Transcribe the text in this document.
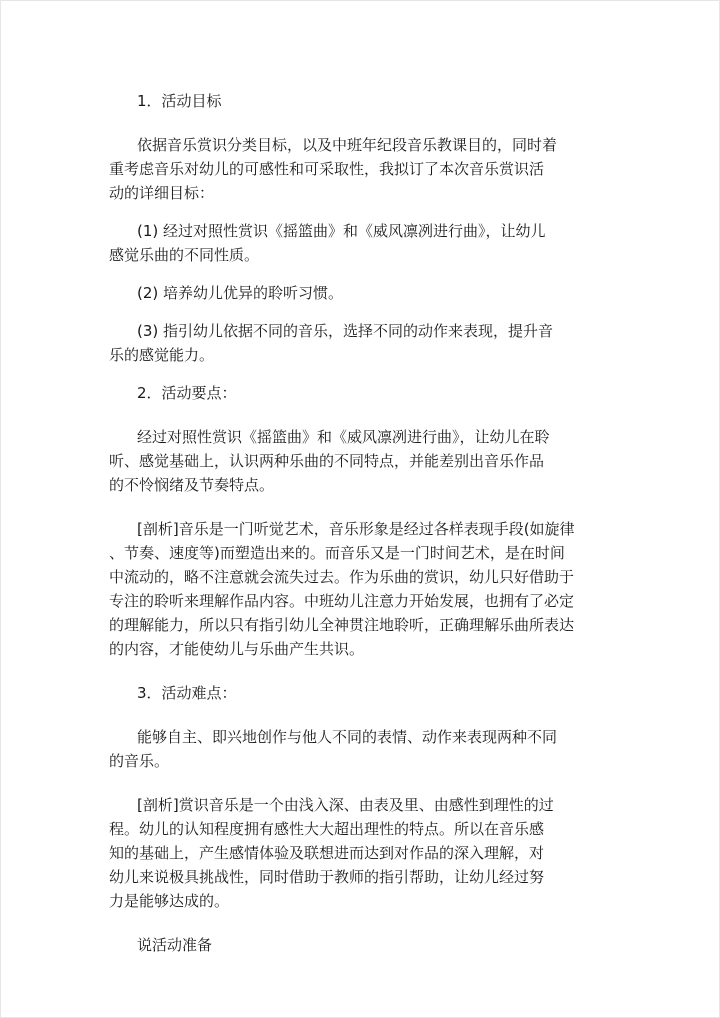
1．活动目标
依据音乐赏识分类目标，以及中班年纪段音乐教课目的，同时着
重考虑音乐对幼儿的可感性和可采取性，我拟订了本次音乐赏识活
动的详细目标：
(1) 经过对照性赏识《摇篮曲》和《威风凛冽进行曲》，让幼儿
感觉乐曲的不同性质。
(2) 培养幼儿优异的聆听习惯。
(3) 指引幼儿依据不同的音乐，选择不同的动作来表现，提升音
乐的感觉能力。
2．活动要点：
经过对照性赏识《摇篮曲》和《威风凛冽进行曲》，让幼儿在聆
听、感觉基础上，认识两种乐曲的不同特点，并能差别出音乐作品
的不怜悯绪及节奏特点。
[剖析]音乐是一门听觉艺术，音乐形象是经过各样表现手段(如旋律
、节奏、速度等)而塑造出来的。而音乐又是一门时间艺术，是在时间
中流动的，略不注意就会流失过去。作为乐曲的赏识，幼儿只好借助于
专注的聆听来理解作品内容。中班幼儿注意力开始发展，也拥有了必定
的理解能力，所以只有指引幼儿全神贯注地聆听，正确理解乐曲所表达
的内容，才能使幼儿与乐曲产生共识。
3．活动难点：
能够自主、即兴地创作与他人不同的表情、动作来表现两种不同
的音乐。
[剖析]赏识音乐是一个由浅入深、由表及里、由感性到理性的过
程。幼儿的认知程度拥有感性大大超出理性的特点。所以在音乐感
知的基础上，产生感情体验及联想进而达到对作品的深入理解，对
幼儿来说极具挑战性，同时借助于教师的指引帮助，让幼儿经过努
力是能够达成的。
说活动准备
